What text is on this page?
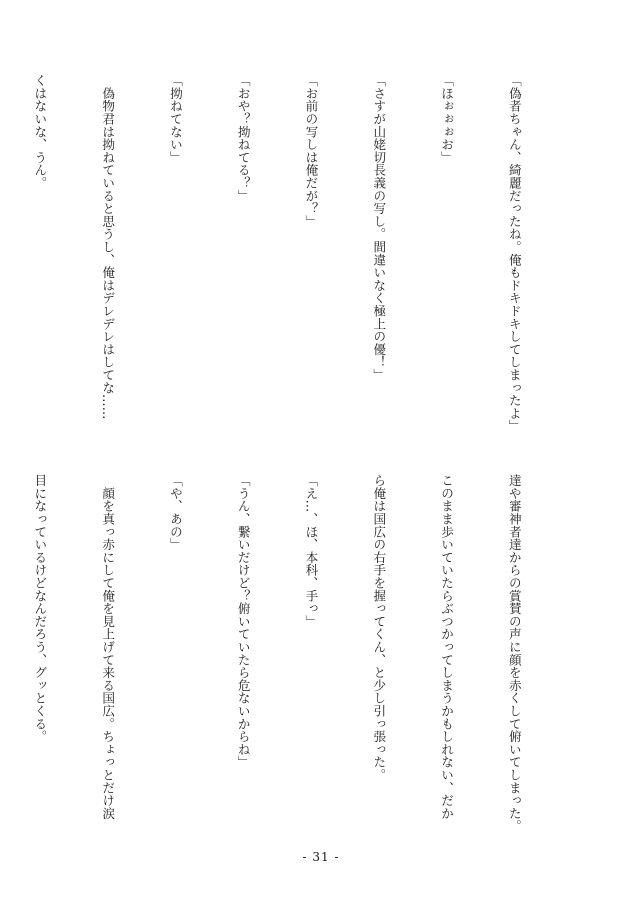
「偽者ちゃん、綺麗だったね。俺もドキドキしてしまったよ」

「ほぉぉぉお」

「さすが山姥切長義の写し。間違いなく極上の優！」

「お前の写しは俺だが？」

「おや？拗ねてる？」

「拗ねてない」

　偽物君は拗ねていると思うし、俺はデレデレはしてな……

くはないな、うん。

達や審神者達からの賞賛の声に顔を赤くして俯いてしまった。

このまま歩いていたらぶつかってしまうかもしれない、だか

ら俺は国広の右手を握ってくん、と少し引っ張った。

「え…、ほ、本科、手っ」

「うん、繋いだけど？俯いていたら危ないからね」

「や、あの」

　顔を真っ赤にして俺を見上げて来る国広。ちょっとだけ涙

目になっているけどなんだろう、グッとくる。

- 31 -
